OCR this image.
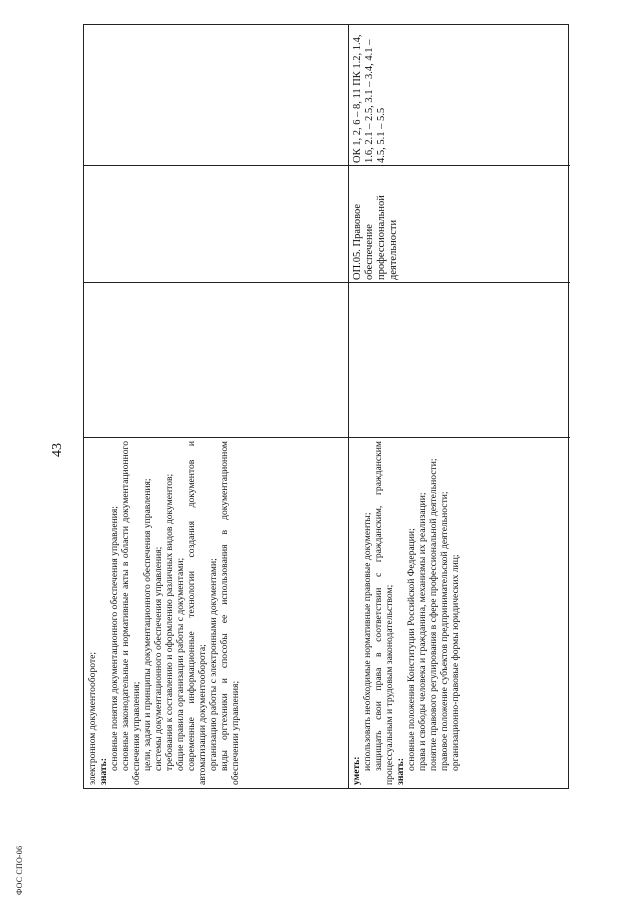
ФОС СПО-06
43

электронном документообороте; знать:

основные понятия документационного обеспечения управления; основные законодательные и нормативные акты в области документационного обеспечения управления; цели, задачи и принципы документационного обеспечения управления; системы документационного обеспечения управления; требования к составлению и оформлению различных видов документов; общие правила организации работы с документами; современные информационные технологии создания документов и автоматизации документооборота; организацию работы с электронными документами; виды оргтехники и способы ее использования в документационном обеспечении управления;	уметь: использовать необходимые нормативные правовые документы; защищать свои права в соответствии с гражданским, гражданским процессуальным и трудовым законодательством; знать:

основные положения Конституции Российской Федерации; права и свободы человека и гражданина, механизмы их реализации; понятие правового регулирования в сфере профессиональной деятельности; правовое положение субъектов предпринимательской деятельности; организационно-правовые формы юридических лиц;

ОП.05. Правовое обеспечение профессиональной деятельности

ОК 1, 2, 6 – 8, 11 ПК 1.2, 1.4, 1.6, 2.1 – 2.5, 3.1 – 3.4, 4.1 – 4.5, 5.1 – 5.5
